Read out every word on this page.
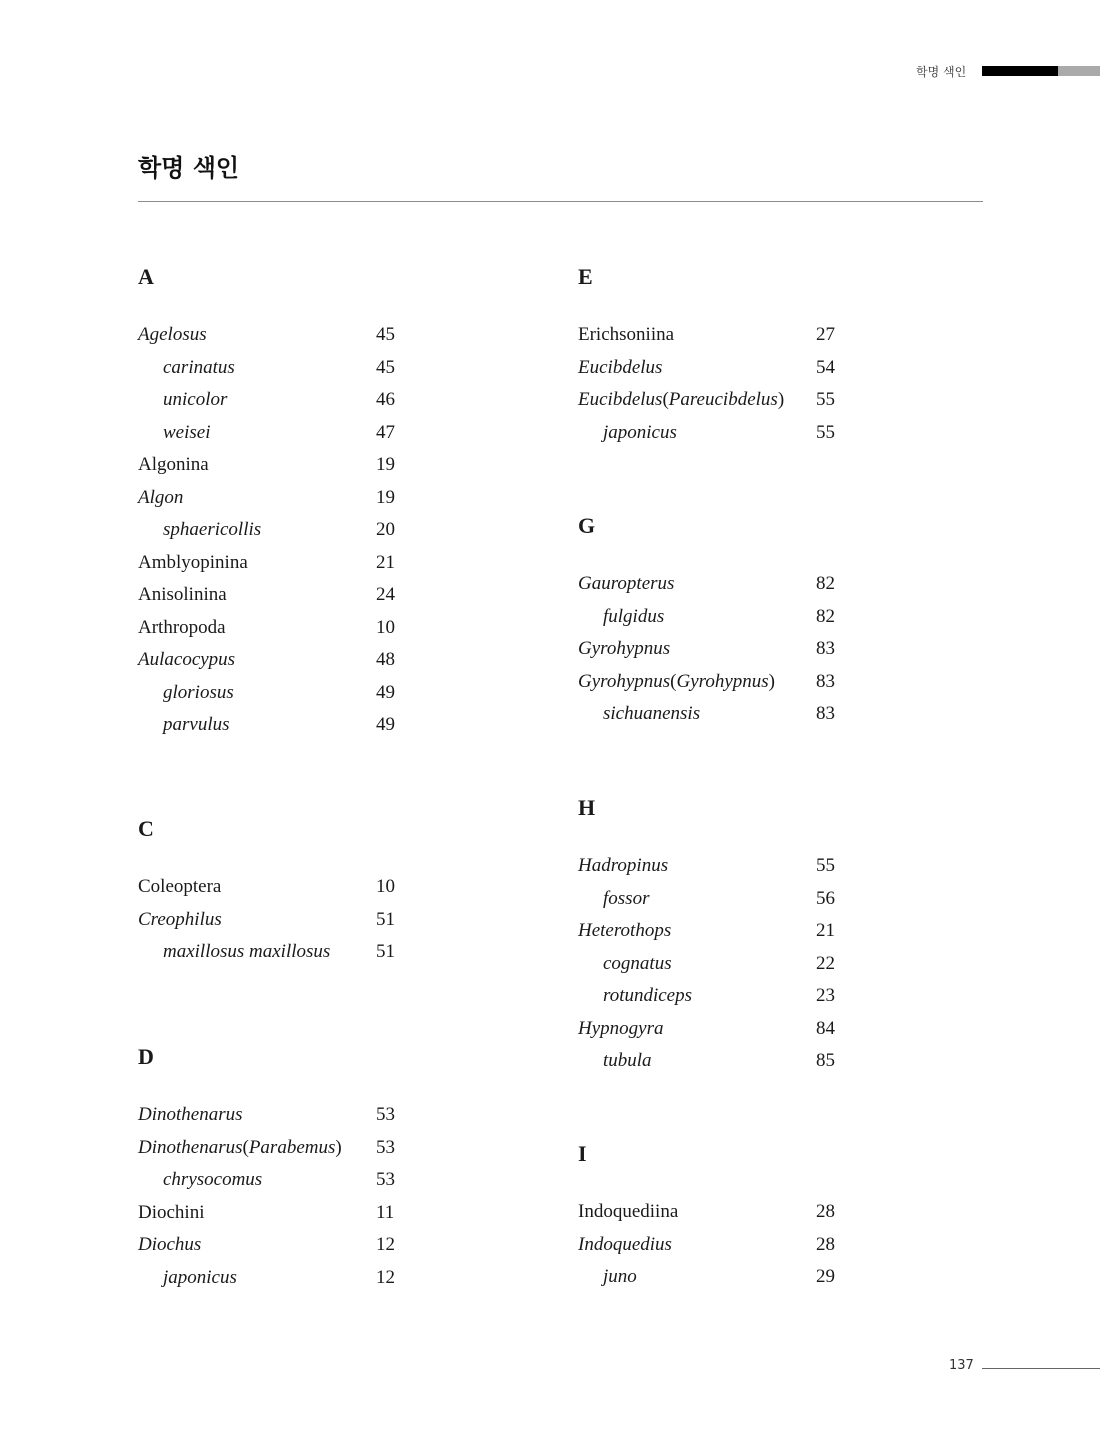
학명 색인
학명 색인
A
Agelosus	45
carinatus	45
unicolor	46
weisei	47
Algonina	19
Algon	19
sphaericollis	20
Amblyopinina	21
Anisolinina	24
Arthropoda	10
Aulacocypus	48
gloriosus	49
parvulus	49
C
Coleoptera	10
Creophilus	51
maxillosus maxillosus 51
D
Dinothenarus	53
Dinothenarus(Parabemus) 53
chrysocomus	53
Diochini	11
Diochus	12
japonicus	12
E
Erichsoniina	27
Eucibdelus	54
Eucibdelus(Pareucibdelus) 55
japonicus	55
G
Gauropterus	82
fulgidus	82
Gyrohypnus	83
Gyrohypnus(Gyrohypnus) 83
sichuanensis	83
H
Hadropinus	55
fossor	56
Heterothops	21
cognatus	22
rotundiceps	23
Hypnogyra	84
tubula	85
I
Indoquediina	28
Indoquedius	28
juno	29
137
